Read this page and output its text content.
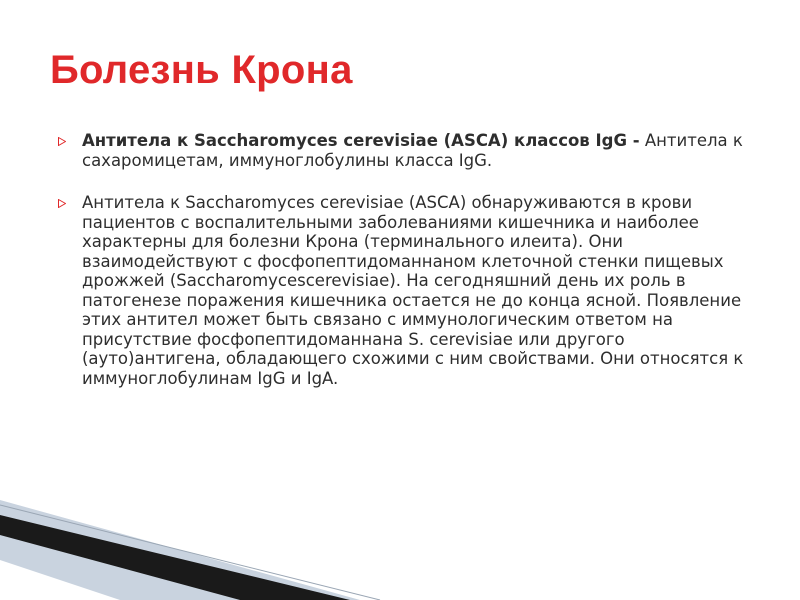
Болезнь Крона
Антитела к Saccharomyces cerevisiae (ASCA) классов IgG - Антитела к сахаромицетам, иммуноглобулины класса IgG.
Антитела к Saccharomyces cerevisiae (ASCA) обнаруживаются в крови пациентов с воспалительными заболеваниями кишечника и наиболее характерны для болезни Крона (терминального илеита). Они взаимодействуют с фосфопептидоманнаном клеточной стенки пищевых дрожжей (Saccharomycescerevisiae). На сегодняшний день их роль в патогенезе поражения кишечника остается не до конца ясной. Появление этих антител может быть связано с иммунологическим ответом на присутствие фосфопептидоманнана S. cerevisiae или другого (ауто)антигена, обладающего схожими с ним свойствами. Они относятся к иммуноглобулинам IgG и IgA.
